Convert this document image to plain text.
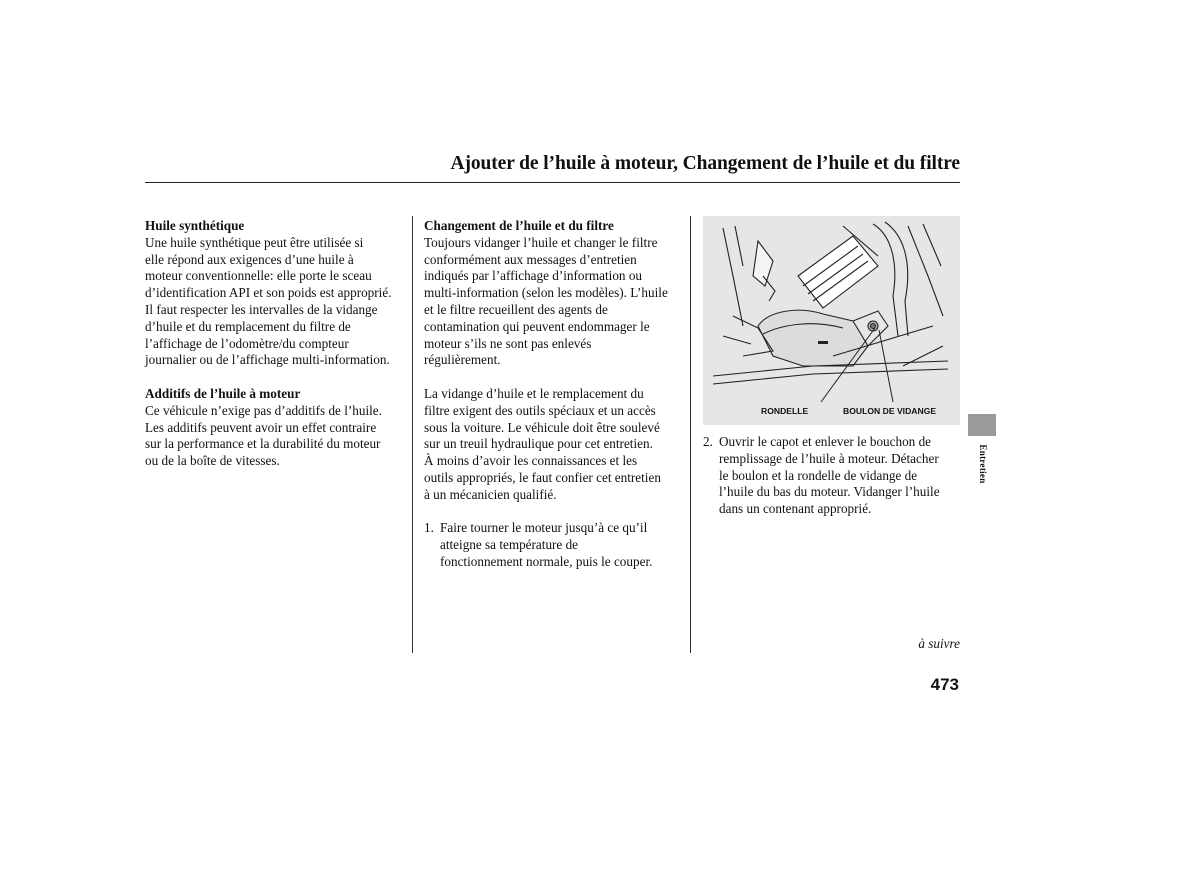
Ajouter de l’huile à moteur, Changement de l’huile et du filtre

Huile synthétique

Une huile synthétique peut être utilisée si
elle répond aux exigences d’une huile à
moteur conventionnelle: elle porte le sceau
d’identification API et son poids est approprié.
Il faut respecter les intervalles de la vidange
d’huile et du remplacement du filtre de
l’affichage de l’odomètre/du compteur
journalier ou de l’affichage multi-information.

Additifs de l’huile à moteur

Ce véhicule n’exige pas d’additifs de l’huile.
Les additifs peuvent avoir un effet contraire
sur la performance et la durabilité du moteur
ou de la boîte de vitesses.

Changement de l’huile et du filtre

Toujours vidanger l’huile et changer le filtre
conformément aux messages d’entretien
indiqués par l’affichage d’information ou
multi-information (selon les modèles). L’huile
et le filtre recueillent des agents de
contamination qui peuvent endommager le
moteur s’ils ne sont pas enlevés
régulièrement.

La vidange d’huile et le remplacement du
filtre exigent des outils spéciaux et un accès
sous la voiture. Le véhicule doit être soulevé
sur un treuil hydraulique pour cet entretien.
À moins d’avoir les connaissances et les
outils appropriés, le faut confier cet entretien
à un mécanicien qualifié.

1. Faire tourner le moteur jusqu’à ce qu’il
atteigne sa température de
fonctionnement normale, puis le couper.
RONDELLE	BOULON DE VIDANGE
2. Ouvrir le capot et enlever le bouchon de
remplissage de l’huile à moteur. Détacher
le boulon et la rondelle de vidange de
l’huile du bas du moteur. Vidanger l’huile
dans un contenant approprié.
Entretien
à suivre
473
